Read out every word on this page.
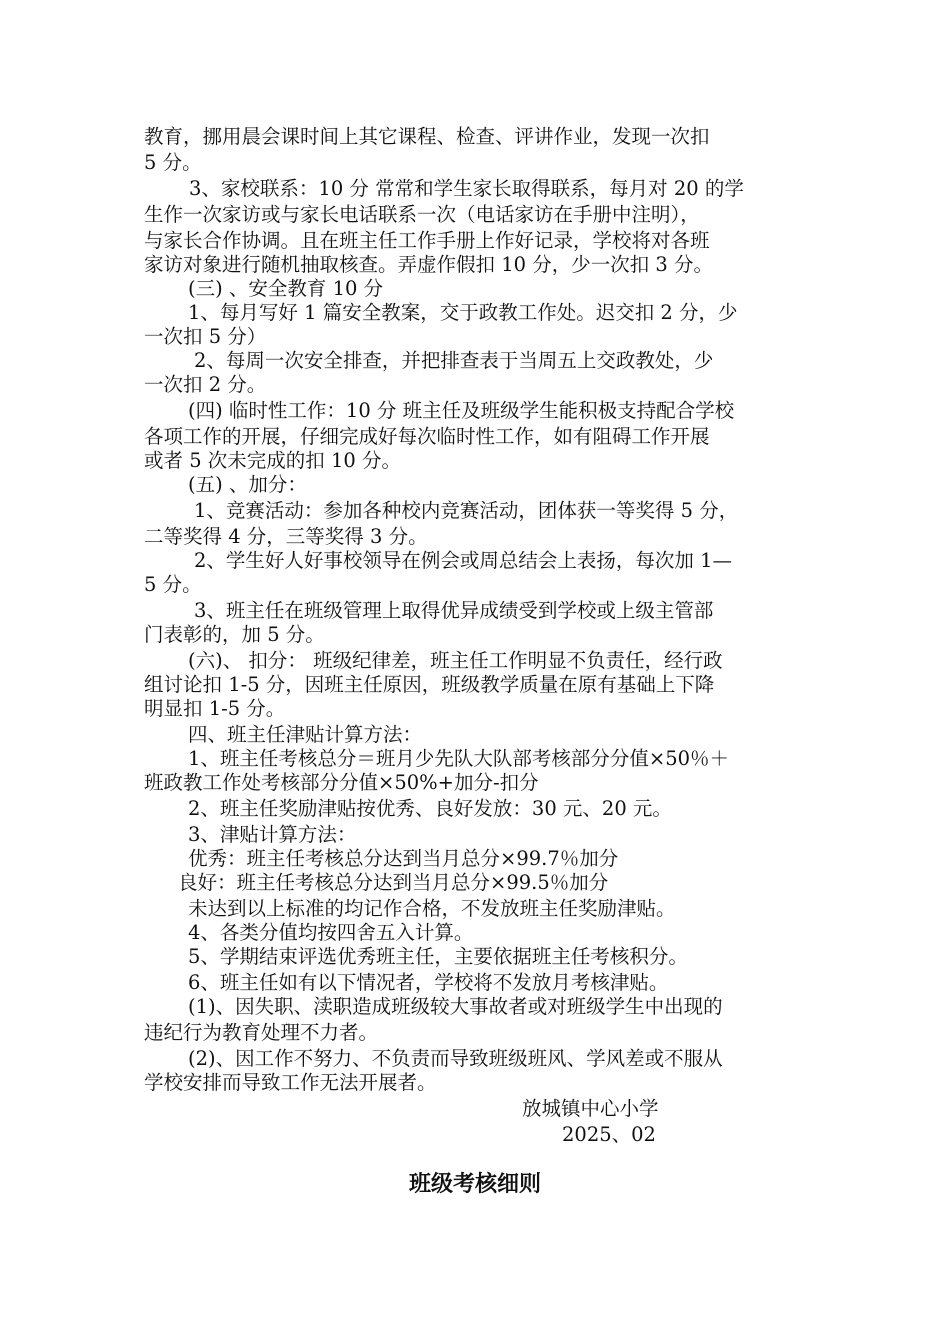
教育，挪用晨会课时间上其它课程、检查、评讲作业，发现一次扣
5 分。
3、家校联系：10 分 常常和学生家长取得联系，每月对 20 的学
生作一次家访或与家长电话联系一次（电话家访在手册中注明），
与家长合作协调。且在班主任工作手册上作好记录，学校将对各班
家访对象进行随机抽取核查。弄虚作假扣 10 分，少一次扣 3 分。
(三) 、安全教育 10 分
1、每月写好 1 篇安全教案，交于政教工作处。迟交扣 2 分，少
一次扣 5 分）
2、每周一次安全排查，并把排查表于当周五上交政教处，少
一次扣 2 分。
(四) 临时性工作：10 分 班主任及班级学生能积极支持配合学校
各项工作的开展，仔细完成好每次临时性工作，如有阻碍工作开展
或者 5 次未完成的扣 10 分。
(五) 、加分：
1、竞赛活动：参加各种校内竞赛活动，团体获一等奖得 5 分，
二等奖得 4 分，三等奖得 3 分。
2、学生好人好事校领导在例会或周总结会上表扬，每次加 1—
5 分。
3、班主任在班级管理上取得优异成绩受到学校或上级主管部
门表彰的，加 5 分。
(六)、 扣分： 班级纪律差，班主任工作明显不负责任，经行政
组讨论扣 1-5 分，因班主任原因，班级教学质量在原有基础上下降
明显扣 1-5 分。
四、班主任津贴计算方法：
1、班主任考核总分＝班月少先队大队部考核部分分值×50％＋
班政教工作处考核部分分值×50%+加分-扣分
2、班主任奖励津贴按优秀、良好发放：30 元、20 元。
3、津贴计算方法：
优秀：班主任考核总分达到当月总分×99.7％加分
良好：班主任考核总分达到当月总分×99.5％加分
未达到以上标准的均记作合格，不发放班主任奖励津贴。
4、各类分值均按四舍五入计算。
5、学期结束评选优秀班主任，主要依据班主任考核积分。
6、班主任如有以下情况者，学校将不发放月考核津贴。
(1)、因失职、渎职造成班级较大事故者或对班级学生中出现的
违纪行为教育处理不力者。
(2)、因工作不努力、不负责而导致班级班风、学风差或不服从
学校安排而导致工作无法开展者。
放城镇中心小学
2025、02
班级考核细则
